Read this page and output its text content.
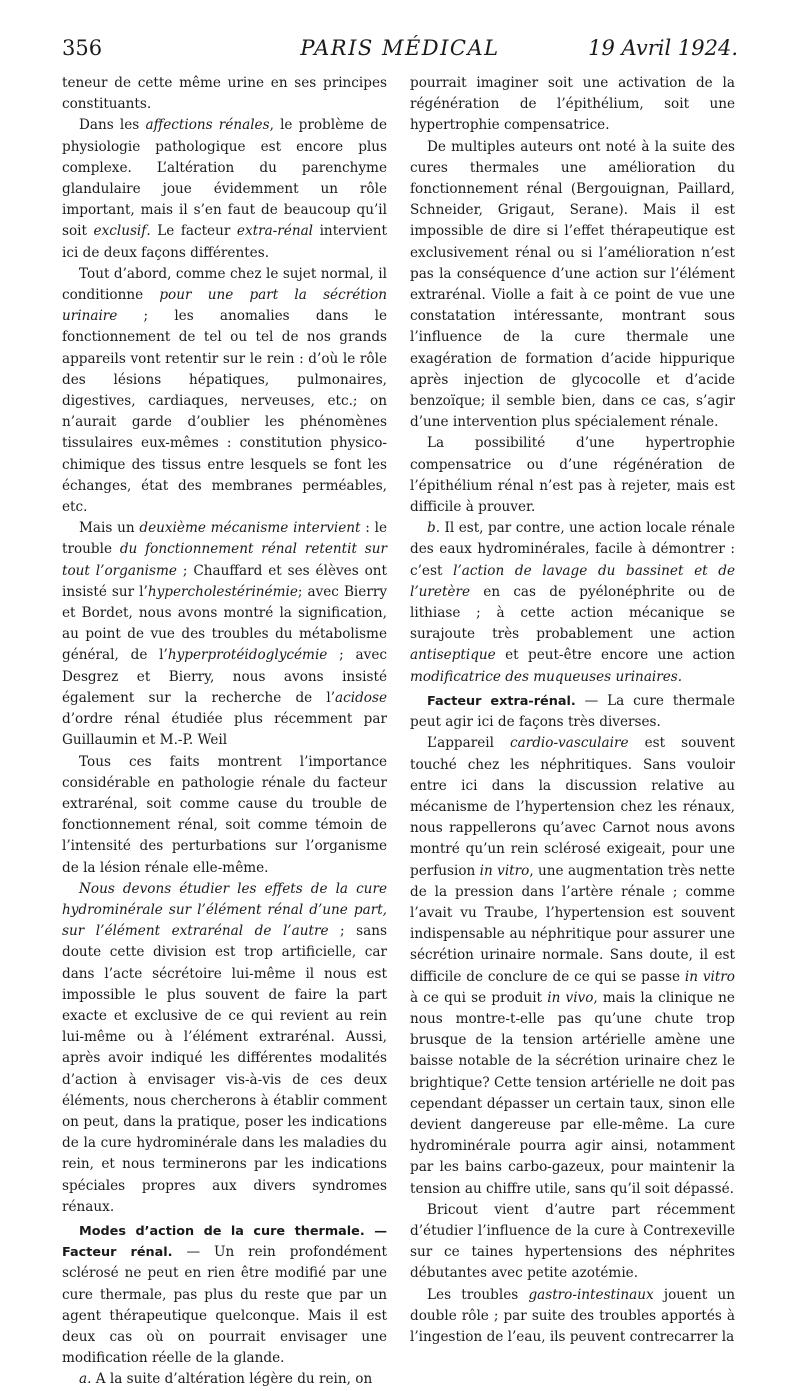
356	PARIS MÉDICAL	19 Avril 1924.

teneur de cette même urine en ses principes constituants.

Dans les affections rénales, le problème de physiologie pathologique est encore plus complexe. L’altération du parenchyme glandulaire joue évidemment un rôle important, mais il s’en faut de beaucoup qu’il soit exclusif. Le facteur extra-rénal intervient ici de deux façons différentes.

Tout d’abord, comme chez le sujet normal, il conditionne pour une part la sécrétion urinaire ; les anomalies dans le fonctionnement de tel ou tel de nos grands appareils vont retentir sur le rein : d’où le rôle des lésions hépatiques, pulmonaires, digestives, cardiaques, nerveuses, etc.; on n’aurait garde d’oublier les phénomènes tissulaires eux-mêmes : constitution physico-chimique des tissus entre lesquels se font les échanges, état des membranes perméables, etc.

Mais un deuxième mécanisme intervient : le trouble du fonctionnement rénal retentit sur tout l’organisme ; Chauffard et ses élèves ont insisté sur l’hypercholestérinémie; avec Bierry et Bordet, nous avons montré la signification, au point de vue des troubles du métabolisme général, de l’hyperprotéidoglycémie ; avec Desgrez et Bierry, nous avons insisté également sur la recherche de l’acidose d’ordre rénal étudiée plus récemment par Guillaumin et M.-P. Weil

Tous ces faits montrent l’importance considérable en pathologie rénale du facteur extrarénal, soit comme cause du trouble de fonctionnement rénal, soit comme témoin de l’intensité des perturbations sur l’organisme de la lésion rénale elle-même.

Nous devons étudier les effets de la cure hydrominérale sur l’élément rénal d’une part, sur l’élément extrarénal de l’autre ; sans doute cette division est trop artificielle, car dans l’acte sécrétoire lui-même il nous est impossible le plus souvent de faire la part exacte et exclusive de ce qui revient au rein lui-même ou à l’élément extrarénal. Aussi, après avoir indiqué les différentes modalités d’action à envisager vis-à-vis de ces deux éléments, nous chercherons à établir comment on peut, dans la pratique, poser les indications de la cure hydrominérale dans les maladies du rein, et nous terminerons par les indications spéciales propres aux divers syndromes rénaux.

Modes d’action de la cure thermale. — Facteur rénal. — Un rein profondément sclérosé ne peut en rien être modifié par une cure thermale, pas plus du reste que par un agent thérapeutique quelconque. Mais il est deux cas où on pourrait envisager une modification réelle de la glande.

a. A la suite d’altération légère du rein, on

pourrait imaginer soit une activation de la régénération de l’épithélium, soit une hypertrophie compensatrice.

De multiples auteurs ont noté à la suite des cures thermales une amélioration du fonctionnement rénal (Bergouignan, Paillard, Schneider, Grigaut, Serane). Mais il est impossible de dire si l’effet thérapeutique est exclusivement rénal ou si l’amélioration n’est pas la conséquence d’une action sur l’élément extrarénal. Violle a fait à ce point de vue une constatation intéressante, montrant sous l’influence de la cure thermale une exagération de formation d’acide hippurique après injection de glycocolle et d’acide benzoïque; il semble bien, dans ce cas, s’agir d’une intervention plus spécialement rénale.

La possibilité d’une hypertrophie compensatrice ou d’une régénération de l’épithélium rénal n’est pas à rejeter, mais est difficile à prouver.

b. Il est, par contre, une action locale rénale des eaux hydrominérales, facile à démontrer : c’est l’action de lavage du bassinet et de l’uretère en cas de pyélonéphrite ou de lithiase ; à cette action mécanique se surajoute très probablement une action antiseptique et peut-être encore une action modificatrice des muqueuses urinaires.

Facteur extra-rénal. — La cure thermale peut agir ici de façons très diverses.

L’appareil cardio-vasculaire est souvent touché chez les néphritiques. Sans vouloir entre ici dans la discussion relative au mécanisme de l’hypertension chez les rénaux, nous rappellerons qu’avec Carnot nous avons montré qu’un rein sclérosé exigeait, pour une perfusion in vitro, une augmentation très nette de la pression dans l’artère rénale ; comme l’avait vu Traube, l’hypertension est souvent indispensable au néphritique pour assurer une sécrétion urinaire normale. Sans doute, il est difficile de conclure de ce qui se passe in vitro à ce qui se produit in vivo, mais la clinique ne nous montre-t-elle pas qu’une chute trop brusque de la tension artérielle amène une baisse notable de la sécrétion urinaire chez le brightique? Cette tension artérielle ne doit pas cependant dépasser un certain taux, sinon elle devient dangereuse par elle-même. La cure hydrominérale pourra agir ainsi, notamment par les bains carbo-gazeux, pour maintenir la tension au chiffre utile, sans qu’il soit dépassé.

Bricout vient d’autre part récemment d’étudier l’influence de la cure à Contrexeville sur ce taines hypertensions des néphrites débutantes avec petite azotémie.

Les troubles gastro-intestinaux jouent un double rôle ; par suite des troubles apportés à l’ingestion de l’eau, ils peuvent contrecarrer la
